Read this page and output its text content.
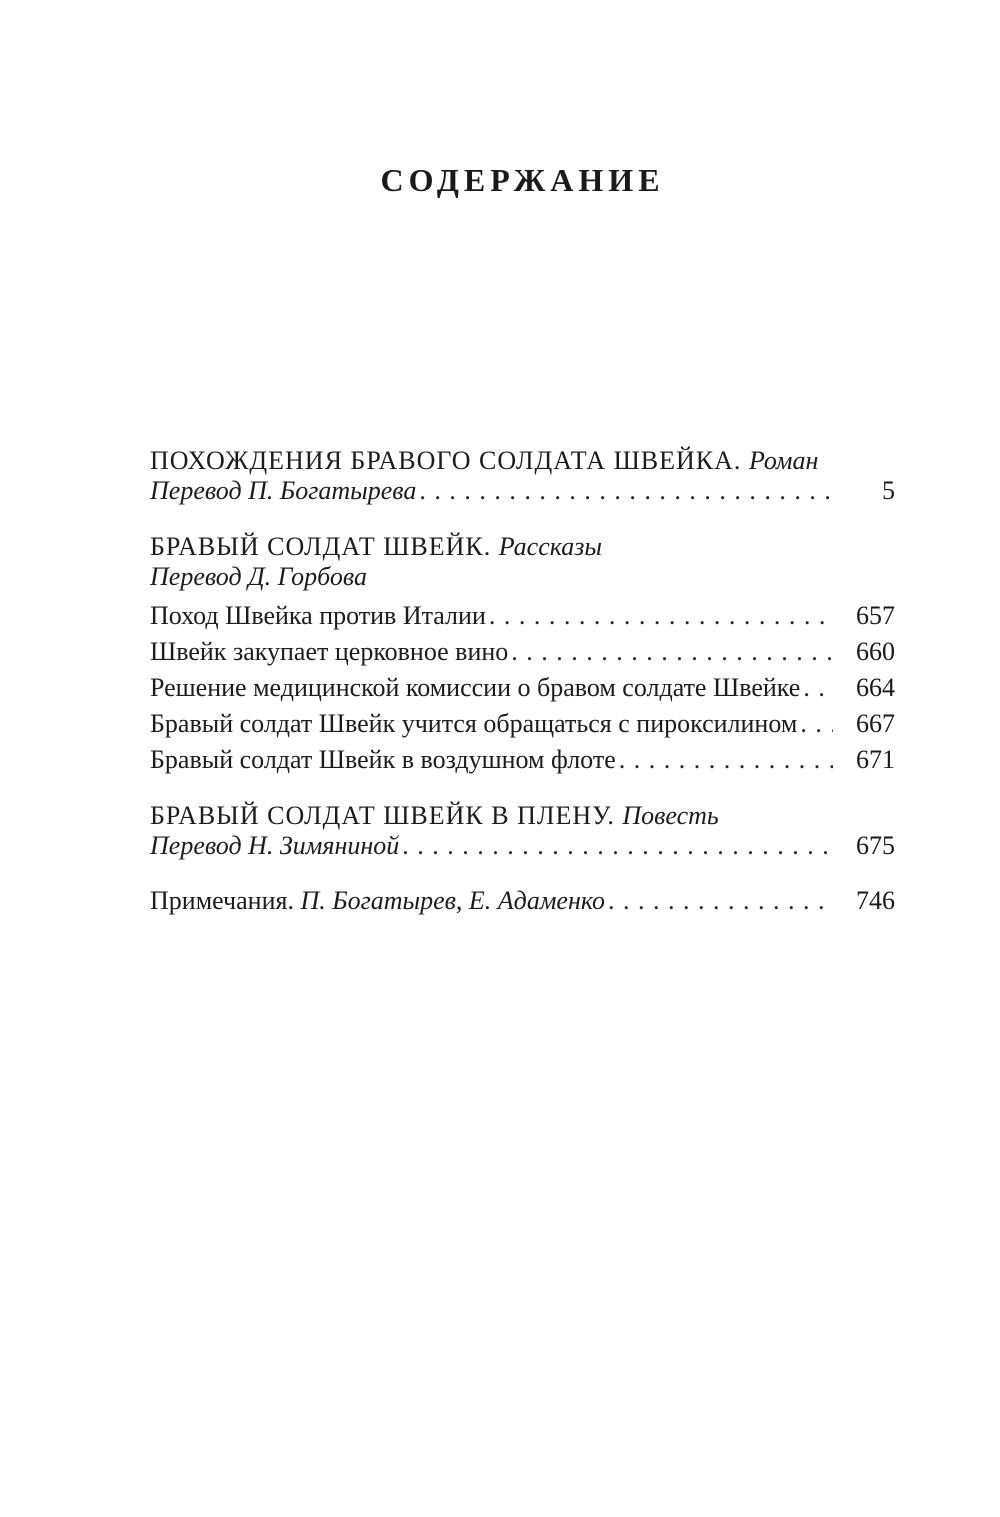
СОДЕРЖАНИЕ
ПОХОЖДЕНИЯ БРАВОГО СОЛДАТА ШВЕЙКА. Роман
Перевод П. Богатырева .....	5
БРАВЫЙ СОЛДАТ ШВЕЙК. Рассказы
Перевод Д. Горбова
Поход Швейка против Италии .....	657
Швейк закупает церковное вино .....	660
Решение медицинской комиссии о бравом солдате Швейке .....	664
Бравый солдат Швейк учится обращаться с пироксилином .....	667
Бравый солдат Швейк в воздушном флоте .....	671
БРАВЫЙ СОЛДАТ ШВЕЙК В ПЛЕНУ. Повесть
Перевод Н. Зимяниной .....	675
Примечания. П. Богатырев, Е. Адаменко .....	746
